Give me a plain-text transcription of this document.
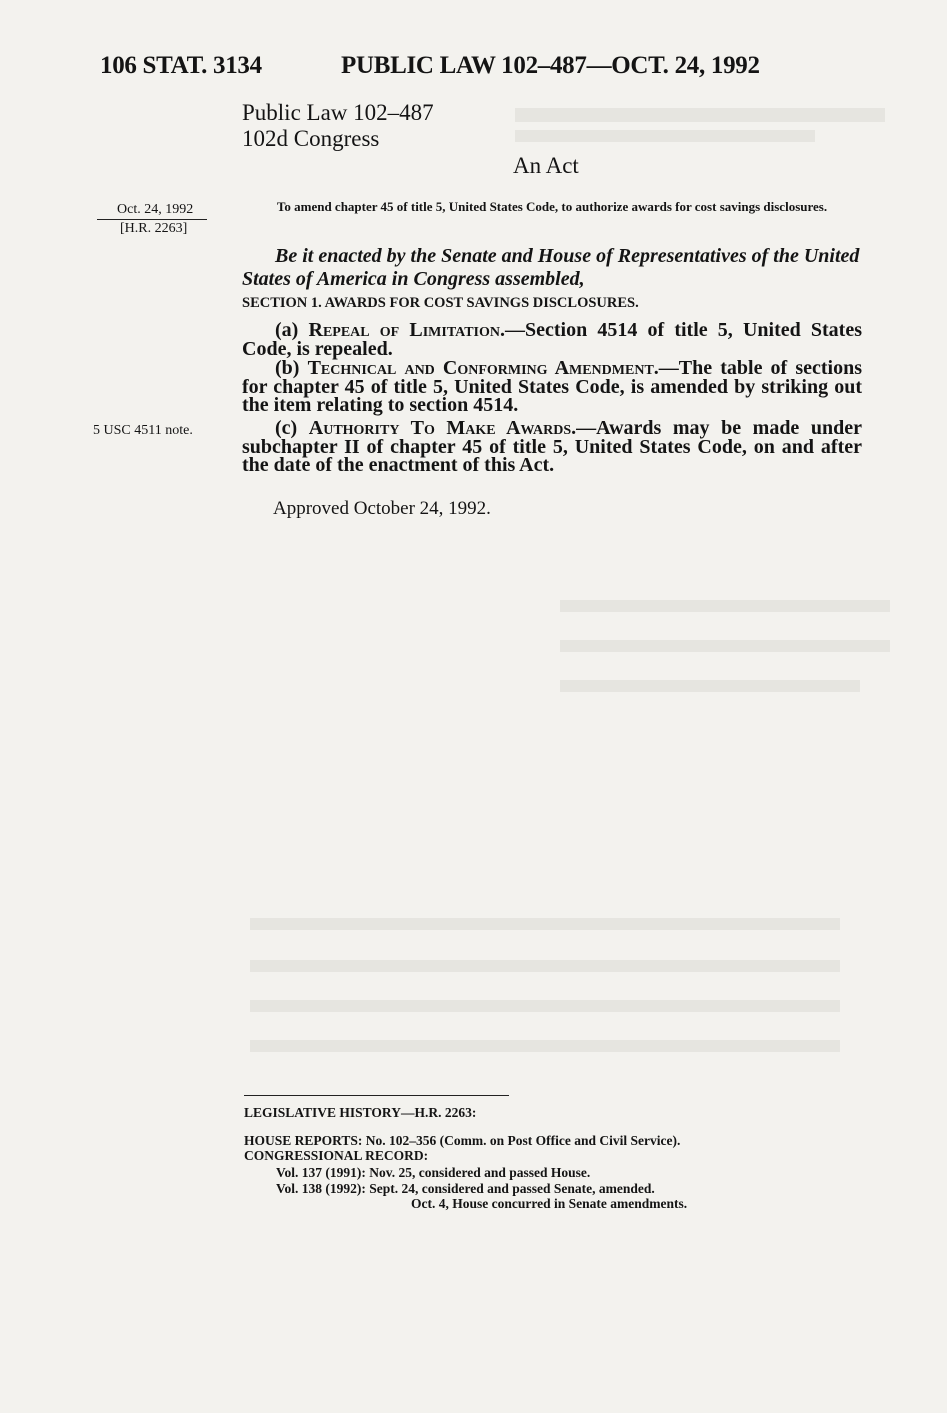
106 STAT. 3134	PUBLIC LAW 102–487—OCT. 24, 1992
Public Law 102–487
102d Congress
An Act
Oct. 24, 1992
[H.R. 2263]
5 USC 4511 note.
To amend chapter 45 of title 5, United States Code, to authorize awards for cost savings disclosures.
Be it enacted by the Senate and House of Representatives of the United States of America in Congress assembled,
SECTION 1. AWARDS FOR COST SAVINGS DISCLOSURES.
(a) Repeal of Limitation.—Section 4514 of title 5, United States Code, is repealed.
(b) Technical and Conforming Amendment.—The table of sections for chapter 45 of title 5, United States Code, is amended by striking out the item relating to section 4514.
(c) Authority To Make Awards.—Awards may be made under subchapter II of chapter 45 of title 5, United States Code, on and after the date of the enactment of this Act.
Approved October 24, 1992.
LEGISLATIVE HISTORY—H.R. 2263:
HOUSE REPORTS: No. 102–356 (Comm. on Post Office and Civil Service).
CONGRESSIONAL RECORD:
Vol. 137 (1991): Nov. 25, considered and passed House.
Vol. 138 (1992): Sept. 24, considered and passed Senate, amended.
Oct. 4, House concurred in Senate amendments.
